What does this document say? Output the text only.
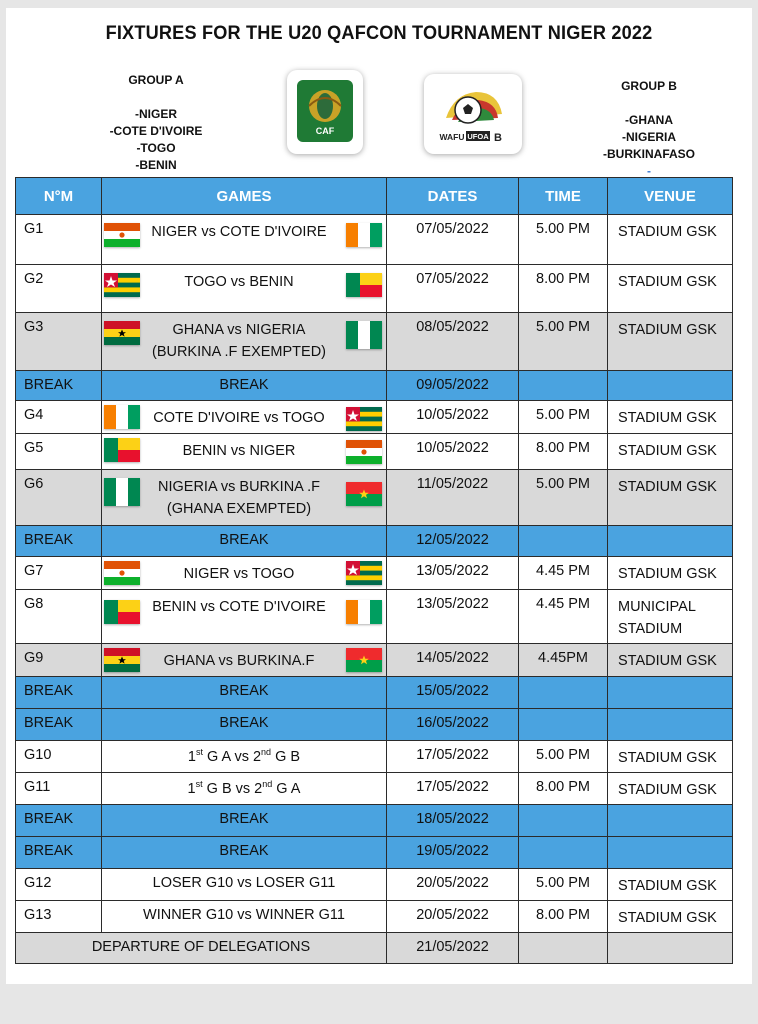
FIXTURES FOR THE U20 QAFCON TOURNAMENT NIGER 2022
GROUP A
-NIGER
-COTE D'IVOIRE
-TOGO
-BENIN
GROUP B
-GHANA
-NIGERIA
-BURKINAFASO
-
CAF
WAFU UFOA B
N°M	GAMES	DATES	TIME	VENUE
G1	NIGER vs COTE D'IVOIRE	07/05/2022	5.00 PM	STADIUM GSK
G2	TOGO vs BENIN	07/05/2022	8.00 PM	STADIUM GSK
G3	GHANA vs NIGERIA
(BURKINA .F EXEMPTED)	08/05/2022	5.00 PM	STADIUM GSK
BREAK	BREAK	09/05/2022		
G4	COTE D'IVOIRE vs TOGO	10/05/2022	5.00 PM	STADIUM GSK
G5	BENIN vs NIGER	10/05/2022	8.00 PM	STADIUM GSK
G6	NIGERIA vs BURKINA .F
(GHANA EXEMPTED)	11/05/2022	5.00 PM	STADIUM GSK
BREAK	BREAK	12/05/2022		
G7	NIGER vs TOGO	13/05/2022	4.45 PM	STADIUM GSK
G8	BENIN vs COTE D'IVOIRE	13/05/2022	4.45 PM	MUNICIPAL
STADIUM
G9	GHANA vs BURKINA.F	14/05/2022	4.45PM	STADIUM GSK
BREAK	BREAK	15/05/2022		
BREAK	BREAK	16/05/2022		
G10	1st G A vs 2nd G B	17/05/2022	5.00 PM	STADIUM GSK
G11	1st G B vs 2nd G A	17/05/2022	8.00 PM	STADIUM GSK
BREAK	BREAK	18/05/2022		
BREAK	BREAK	19/05/2022		
G12	LOSER G10 vs LOSER G11	20/05/2022	5.00 PM	STADIUM GSK
G13	WINNER G10 vs WINNER G11	20/05/2022	8.00 PM	STADIUM GSK

DEPARTURE OF DELEGATIONS		21/05/2022		
